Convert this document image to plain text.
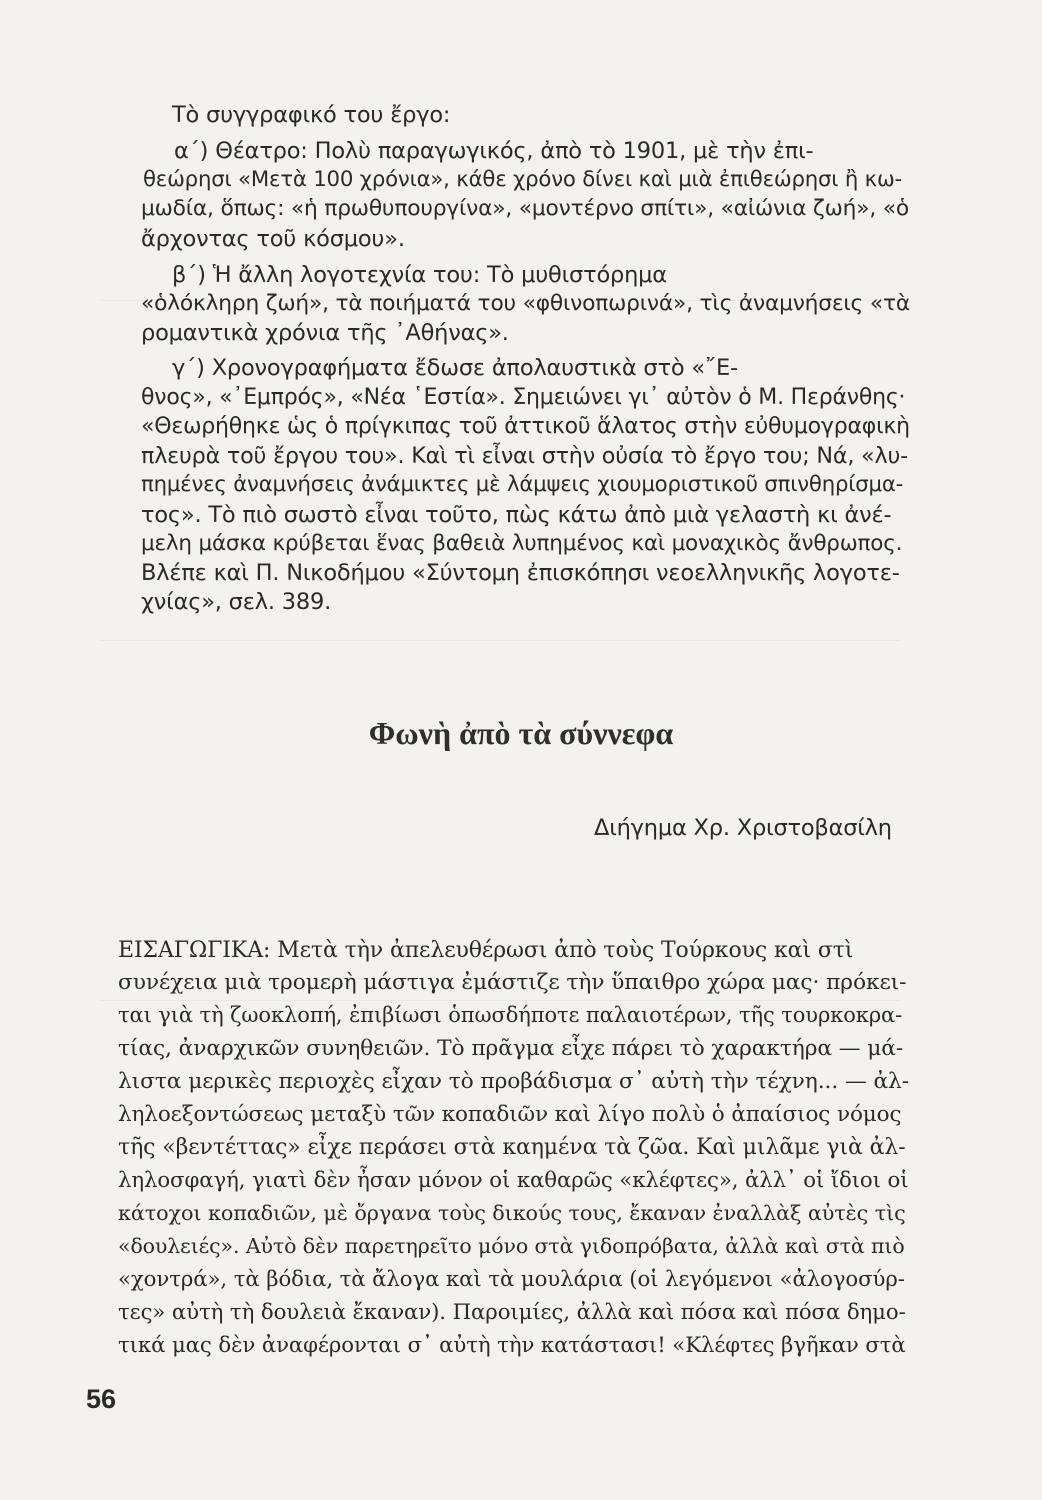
Τὸ συγγραφικό του ἔργο:
α΄) Θέατρο: Πολὺ παραγωγικός, ἀπὸ τὸ 1901, μὲ τὴν ἐπι-
θεώρησι «Μετὰ 100 χρόνια», κάθε χρόνο δίνει καὶ μιὰ ἐπιθεώρησι ἢ κω-
μωδία, ὅπως: «ἡ πρωθυπουργίνα», «μοντέρνο σπίτι», «αἰώνια ζωή», «ὁ
ἄρχοντας τοῦ κόσμου».
β΄) Ἡ ἄλλη λογοτεχνία του: Τὸ μυθιστόρημα
«ὁλόκληρη ζωή», τὰ ποιήματά του «φθινοπωρινά», τὶς ἀναμνήσεις «τὰ
ρομαντικὰ χρόνια τῆς ᾿Αθήνας».
γ΄) Χρονογραφήματα ἔδωσε ἀπολαυστικὰ στὸ «῎Ε-
θνος», «᾿Εμπρός», «Νέα ῾Εστία». Σημειώνει γι᾿ αὐτὸν ὁ Μ. Περάνθης·
«Θεωρήθηκε ὡς ὁ πρίγκιπας τοῦ ἀττικοῦ ἅλατος στὴν εὐθυμογραφικὴ
πλευρὰ τοῦ ἔργου του». Καὶ τὶ εἶναι στὴν οὐσία τὸ ἔργο του; Νά, «λυ-
πημένες ἀναμνήσεις ἀνάμικτες μὲ λάμψεις χιουμοριστικοῦ σπινθηρίσμα-
τος». Τὸ πιὸ σωστὸ εἶναι τοῦτο, πὼς κάτω ἀπὸ μιὰ γελαστὴ κι ἀνέ-
μελη μάσκα κρύβεται ἕνας βαθειὰ λυπημένος καὶ μοναχικὸς ἄνθρωπος.
Βλέπε καὶ Π. Νικοδήμου «Σύντομη ἐπισκόπησι νεοελληνικῆς λογοτε-
χνίας», σελ. 389.
Φωνὴ ἀπὸ τὰ σύννεφα
Διήγημα Χρ. Χριστοβασίλη
ΕΙΣΑΓΩΓΙΚΑ: Μετὰ τὴν ἀπελευθέρωσι ἀπὸ τοὺς Τούρκους καὶ στὶ
συνέχεια μιὰ τρομερὴ μάστιγα ἐμάστιζε τὴν ὕπαιθρο χώρα μας· πρόκει-
ται γιὰ τὴ ζωοκλοπή, ἐπιβίωσι ὁπωσδήποτε παλαιοτέρων, τῆς τουρκοκρα-
τίας, ἀναρχικῶν συνηθειῶν. Τὸ πρᾶγμα εἶχε πάρει τὸ χαρακτήρα — μά-
λιστα μερικὲς περιοχὲς εἶχαν τὸ προβάδισμα σ᾿ αὐτὴ τὴν τέχνη... — ἀλ-
ληλοεξοντώσεως μεταξὺ τῶν κοπαδιῶν καὶ λίγο πολὺ ὁ ἀπαίσιος νόμος
τῆς «βεντέττας» εἶχε περάσει στὰ καημένα τὰ ζῶα. Καὶ μιλᾶμε γιὰ ἀλ-
ληλοσφαγή, γιατὶ δὲν ἦσαν μόνον οἱ καθαρῶς «κλέφτες», ἀλλ᾿ οἱ ἴδιοι οἱ
κάτοχοι κοπαδιῶν, μὲ ὄργανα τοὺς δικούς τους, ἔκαναν ἐναλλὰξ αὐτὲς τὶς
«δουλειές». Αὐτὸ δὲν παρετηρεῖτο μόνο στὰ γιδοπρόβατα, ἀλλὰ καὶ στὰ πιὸ
«χοντρά», τὰ βόδια, τὰ ἄλογα καὶ τὰ μουλάρια (οἱ λεγόμενοι «ἀλογοσύρ-
τες» αὐτὴ τὴ δουλειὰ ἔκαναν). Παροιμίες, ἀλλὰ καὶ πόσα καὶ πόσα δημο-
τικά μας δὲν ἀναφέρονται σ᾿ αὐτὴ τὴν κατάστασι! «Κλέφτες βγῆκαν στὰ
56
